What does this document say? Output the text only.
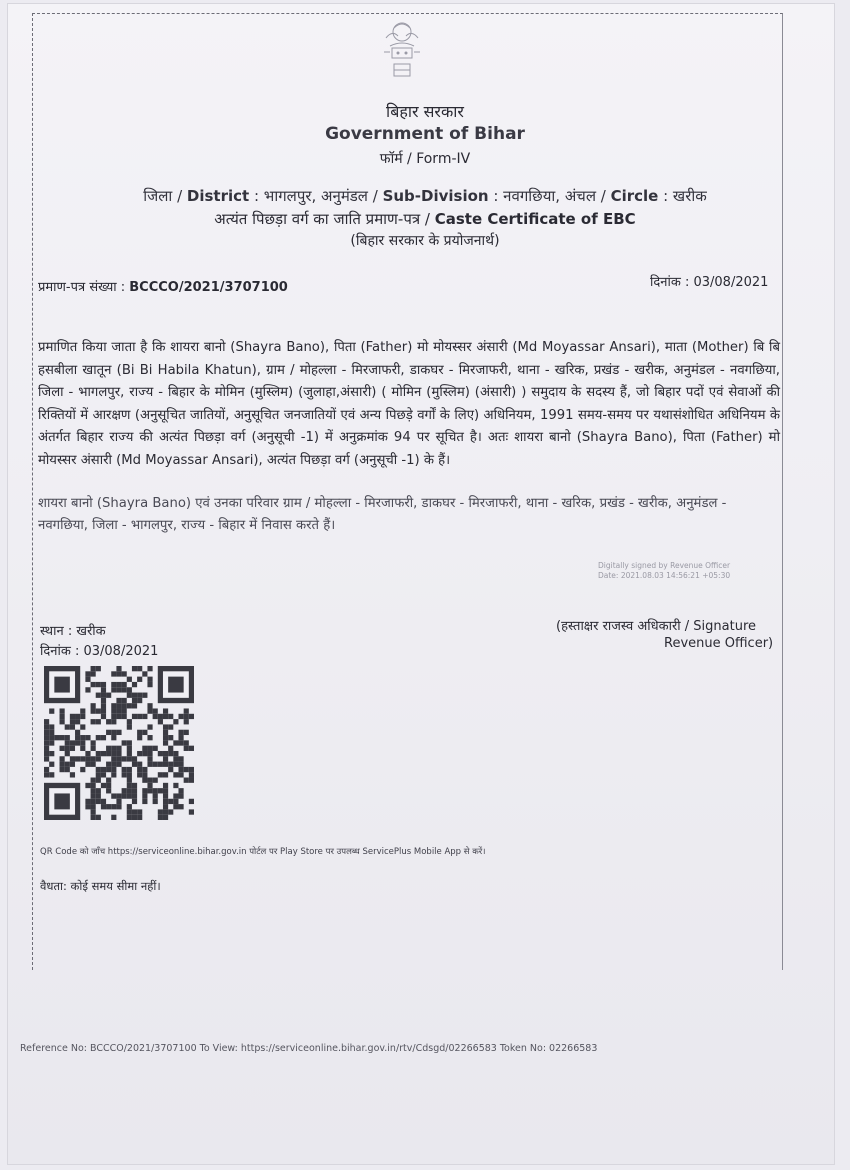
बिहार सरकार
Government of Bihar
फॉर्म / Form-IV
जिला / District : भागलपुर, अनुमंडल / Sub-Division : नवगछिया, अंचल / Circle : खरीक
अत्यंत पिछड़ा वर्ग का जाति प्रमाण-पत्र / Caste Certificate of EBC
(बिहार सरकार के प्रयोजनार्थ)
प्रमाण-पत्र संख्या : BCCCO/2021/3707100	दिनांक : 03/08/2021
प्रमाणित किया जाता है कि शायरा बानो (Shayra Bano), पिता (Father) मो मोयस्सर अंसारी (Md Moyassar Ansari), माता (Mother) बि बि हसबीला खातून (Bi Bi Habila Khatun), ग्राम / मोहल्ला - मिरजाफरी, डाकघर - मिरजाफरी, थाना - खरिक, प्रखंड - खरीक, अनुमंडल - नवगछिया, जिला - भागलपुर, राज्य - बिहार के मोमिन (मुस्लिम) (जुलाहा,अंसारी) ( मोमिन (मुस्लिम) (अंसारी) ) समुदाय के सदस्य हैं, जो बिहार पदों एवं सेवाओं की रिक्तियों में आरक्षण (अनुसूचित जातियों, अनुसूचित जनजातियों एवं अन्य पिछड़े वर्गों के लिए) अधिनियम, 1991 समय-समय पर यथासंशोधित अधिनियम के अंतर्गत बिहार राज्य की अत्यंत पिछड़ा वर्ग (अनुसूची -1) में अनुक्रमांक 94 पर सूचित है। अतः शायरा बानो (Shayra Bano), पिता (Father) मो मोयस्सर अंसारी (Md Moyassar Ansari), अत्यंत पिछड़ा वर्ग (अनुसूची -1) के हैं।
शायरा बानो (Shayra Bano) एवं उनका परिवार ग्राम / मोहल्ला - मिरजाफरी, डाकघर - मिरजाफरी, थाना - खरिक, प्रखंड - खरीक, अनुमंडल - नवगछिया, जिला - भागलपुर, राज्य - बिहार में निवास करते हैं।
Digitally signed by Revenue Officer
Date: 2021.08.03 14:56:21 +05:30
स्थान : खरीक
दिनांक : 03/08/2021
(हस्ताक्षर राजस्व अधिकारी / Signature
Revenue Officer)
QR Code को जाँच https://serviceonline.bihar.gov.in पोर्टल पर Play Store पर उपलब्ध ServicePlus Mobile App से करें।
वैधता: कोई समय सीमा नहीं।
Reference No: BCCCO/2021/3707100 To View: https://serviceonline.bihar.gov.in/rtv/Cdsgd/02266583 Token No: 02266583
